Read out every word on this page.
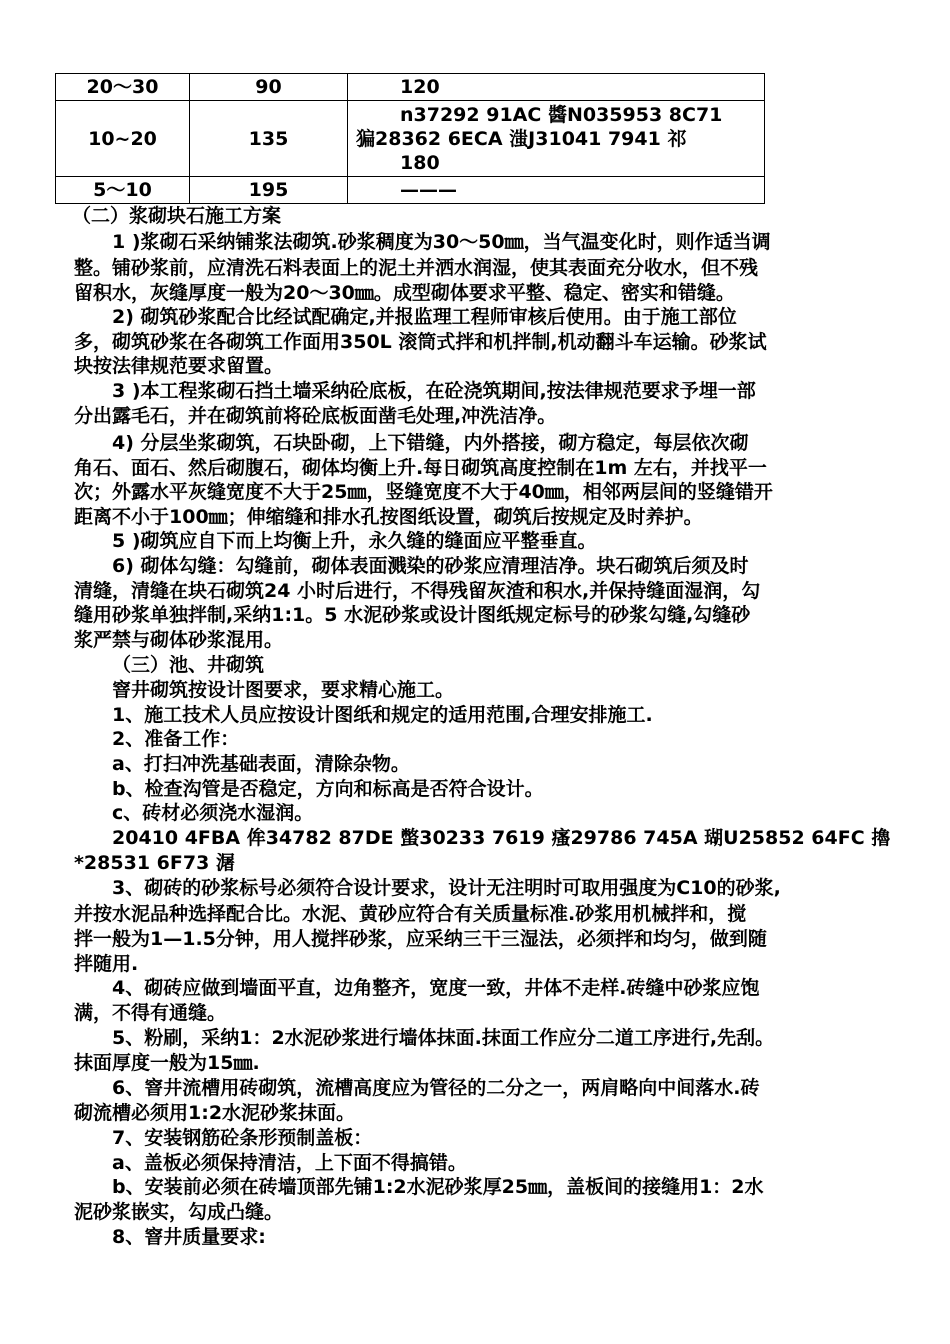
20～30	90	120
10~20	135	n37292 91AC 醬N035953 8C71
猵28362 6ECA 滍J31041 7941 祁
180

5～10	195	———
（二）浆砌块石施工方案
1 )浆砌石采纳铺浆法砌筑.砂浆稠度为30～50㎜，当气温变化时，则作适当调
整。铺砂浆前，应清洗石料表面上的泥土并洒水润湿，使其表面充分收水，但不残
留积水，灰缝厚度一般为20～30㎜。成型砌体要求平整、稳定、密实和错缝。
2) 砌筑砂浆配合比经试配确定,并报监理工程师审核后使用。由于施工部位
多，砌筑砂浆在各砌筑工作面用350L 滚筒式拌和机拌制,机动翻斗车运输。砂浆试
块按法律规范要求留置。
3 )本工程浆砌石挡土墙采纳砼底板，在砼浇筑期间,按法律规范要求予埋一部
分出露毛石，并在砌筑前将砼底板面凿毛处理,冲洗洁净。
4) 分层坐浆砌筑，石块卧砌，上下错缝，内外搭接，砌方稳定，每层依次砌
角石、面石、然后砌腹石，砌体均衡上升.每日砌筑高度控制在1m 左右，并找平一
次；外露水平灰缝宽度不大于25㎜，竖缝宽度不大于40㎜，相邻两层间的竖缝错开
距离不小于100㎜；伸缩缝和排水孔按图纸设置，砌筑后按规定及时养护。
5 )砌筑应自下而上均衡上升，永久缝的缝面应平整垂直。
6) 砌体勾缝：勾缝前，砌体表面溅染的砂浆应清理洁净。块石砌筑后须及时
清缝，清缝在块石砌筑24 小时后进行，不得残留灰渣和积水,并保持缝面湿润，勾
缝用砂浆单独拌制,采纳1:1。5 水泥砂浆或设计图纸规定标号的砂浆勾缝,勾缝砂
浆严禁与砌体砂浆混用。
（三）池、井砌筑
窨井砌筑按设计图要求，要求精心施工。
1、施工技术人员应按设计图纸和规定的适用范围,合理安排施工.
2、准备工作：
a、打扫冲洗基础表面，清除杂物。
b、检查沟管是否稳定，方向和标高是否符合设计。
c、砖材必须浇水湿润。
20410 4FBA 侔34782 87DE 蟞30233 7619 瘙29786 745A 瑚U25852 64FC 擼
*28531 6F73 潳
3、砌砖的砂浆标号必须符合设计要求，设计无注明时可取用强度为C10的砂浆,
并按水泥品种选择配合比。水泥、黄砂应符合有关质量标准.砂浆用机械拌和，搅
拌一般为1—1.5分钟，用人搅拌砂浆，应采纳三干三湿法，必须拌和均匀，做到随
拌随用.
4、砌砖应做到墙面平直，边角整齐，宽度一致，井体不走样.砖缝中砂浆应饱
满，不得有通缝。
5、粉刷，采纳1：2水泥砂浆进行墙体抹面.抹面工作应分二道工序进行,先刮。
抹面厚度一般为15㎜.
6、窨井流槽用砖砌筑，流槽高度应为管径的二分之一，两肩略向中间落水.砖
砌流槽必须用1:2水泥砂浆抹面。
7、安装钢筋砼条形预制盖板：
a、盖板必须保持清洁，上下面不得搞错。
b、安装前必须在砖墙顶部先铺1:2水泥砂浆厚25㎜，盖板间的接缝用1：2水
泥砂浆嵌实，勾成凸缝。
8、窨井质量要求:
